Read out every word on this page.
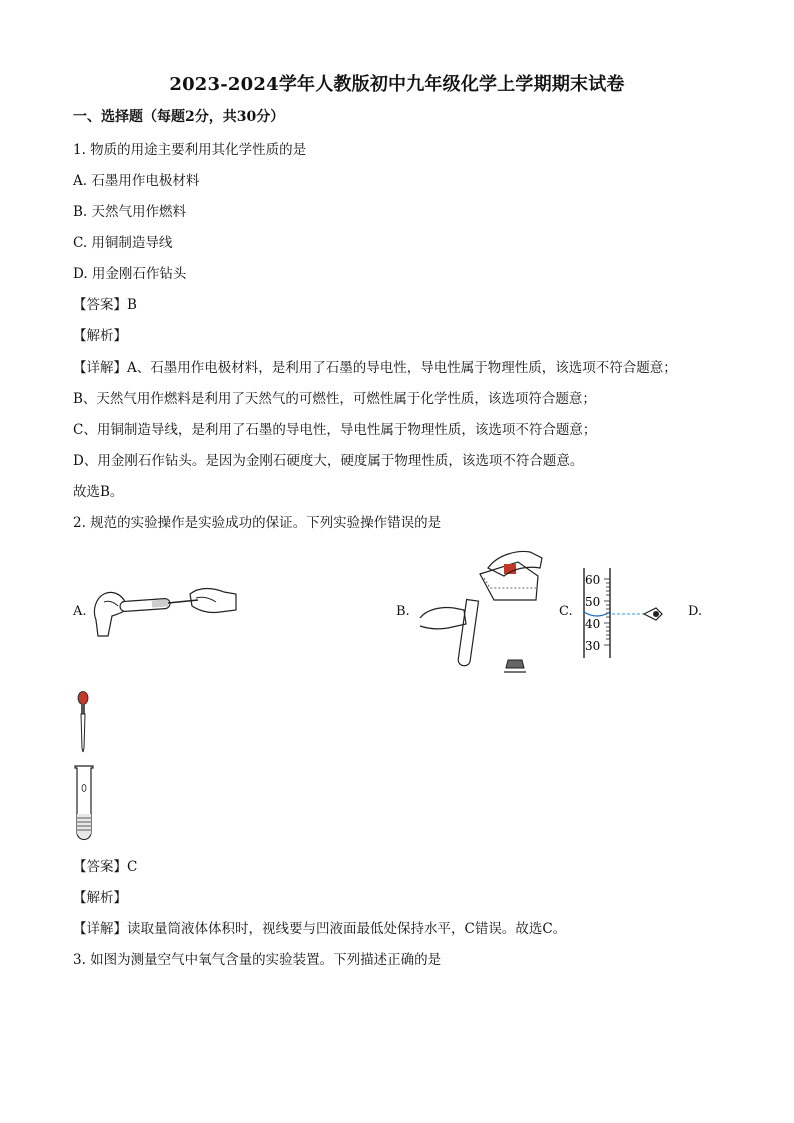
2023-2024学年人教版初中九年级化学上学期期末试卷
一、选择题（每题2分，共30分）
1. 物质的用途主要利用其化学性质的是
A. 石墨用作电极材料
B. 天然气用作燃料
C. 用铜制造导线
D. 用金刚石作钻头
【答案】B
【解析】
【详解】A、石墨用作电极材料，是利用了石墨的导电性，导电性属于物理性质，该选项不符合题意；
B、天然气用作燃料是利用了天然气的可燃性，可燃性属于化学性质，该选项符合题意；
C、用铜制造导线，是利用了石墨的导电性，导电性属于物理性质，该选项不符合题意；
D、用金刚石作钻头。是因为金刚石硬度大，硬度属于物理性质，该选项不符合题意。
故选B。
2. 规范的实验操作是实验成功的保证。下列实验操作错误的是
A.	B.	C.
60
50
40
30
D.
【答案】C
【解析】
【详解】读取量筒液体体积时，视线要与凹液面最低处保持水平，C错误。故选C。
3. 如图为测量空气中氧气含量的实验装置。下列描述正确的是
